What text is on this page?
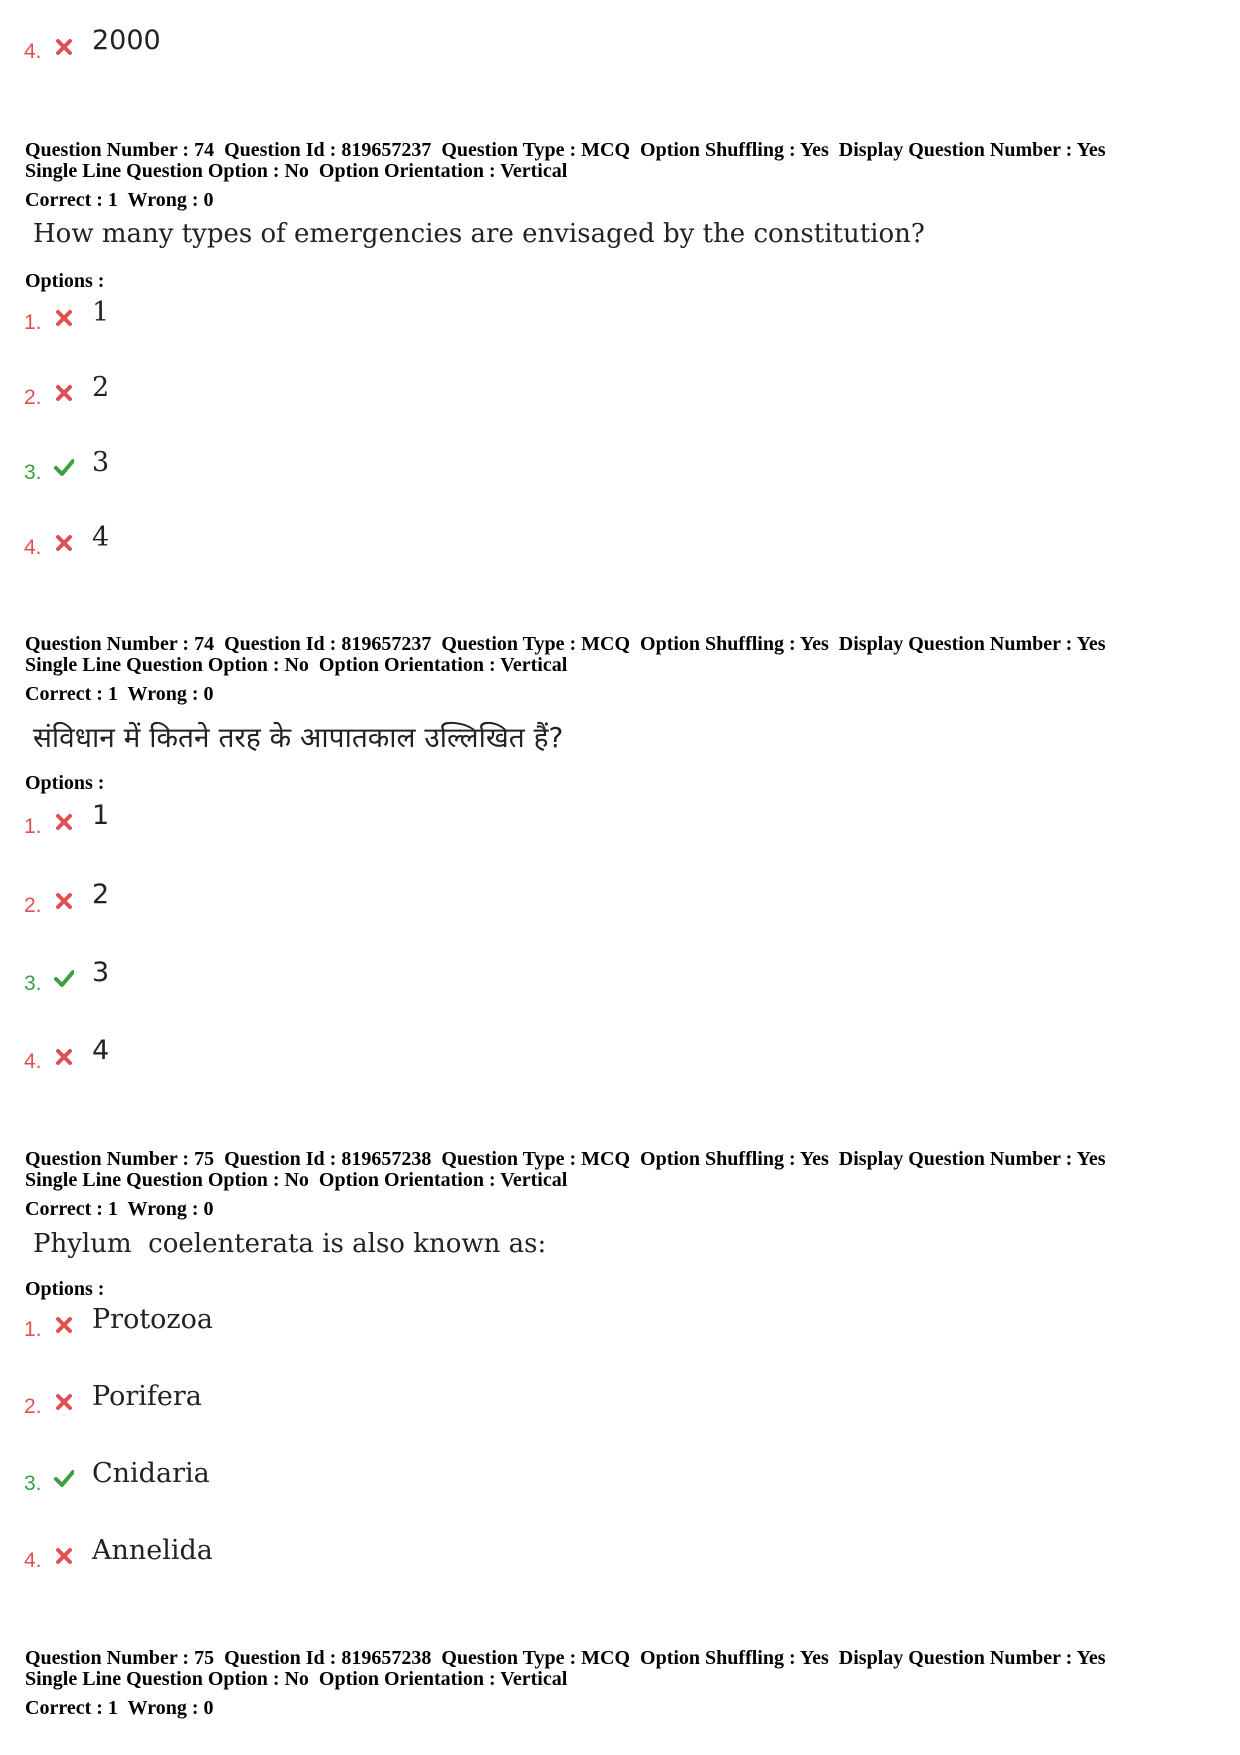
4. 2000
Question Number : 74  Question Id : 819657237  Question Type : MCQ  Option Shuffling : Yes  Display Question Number : Yes
Single Line Question Option : No  Option Orientation : Vertical
Correct : 1  Wrong : 0
How many types of emergencies are envisaged by the constitution?
Options :
1. 1
2. 2
3. 3
4. 4
Question Number : 74  Question Id : 819657237  Question Type : MCQ  Option Shuffling : Yes  Display Question Number : Yes
Single Line Question Option : No  Option Orientation : Vertical
Correct : 1  Wrong : 0
संविधान में कितने तरह के आपातकाल उल्लिखित हैं?
Options :
1. 1
2. 2
3. 3
4. 4
Question Number : 75  Question Id : 819657238  Question Type : MCQ  Option Shuffling : Yes  Display Question Number : Yes
Single Line Question Option : No  Option Orientation : Vertical
Correct : 1  Wrong : 0
Phylum  coelenterata is also known as:
Options :
1. Protozoa
2. Porifera
3. Cnidaria
4. Annelida
Question Number : 75  Question Id : 819657238  Question Type : MCQ  Option Shuffling : Yes  Display Question Number : Yes
Single Line Question Option : No  Option Orientation : Vertical
Correct : 1  Wrong : 0
